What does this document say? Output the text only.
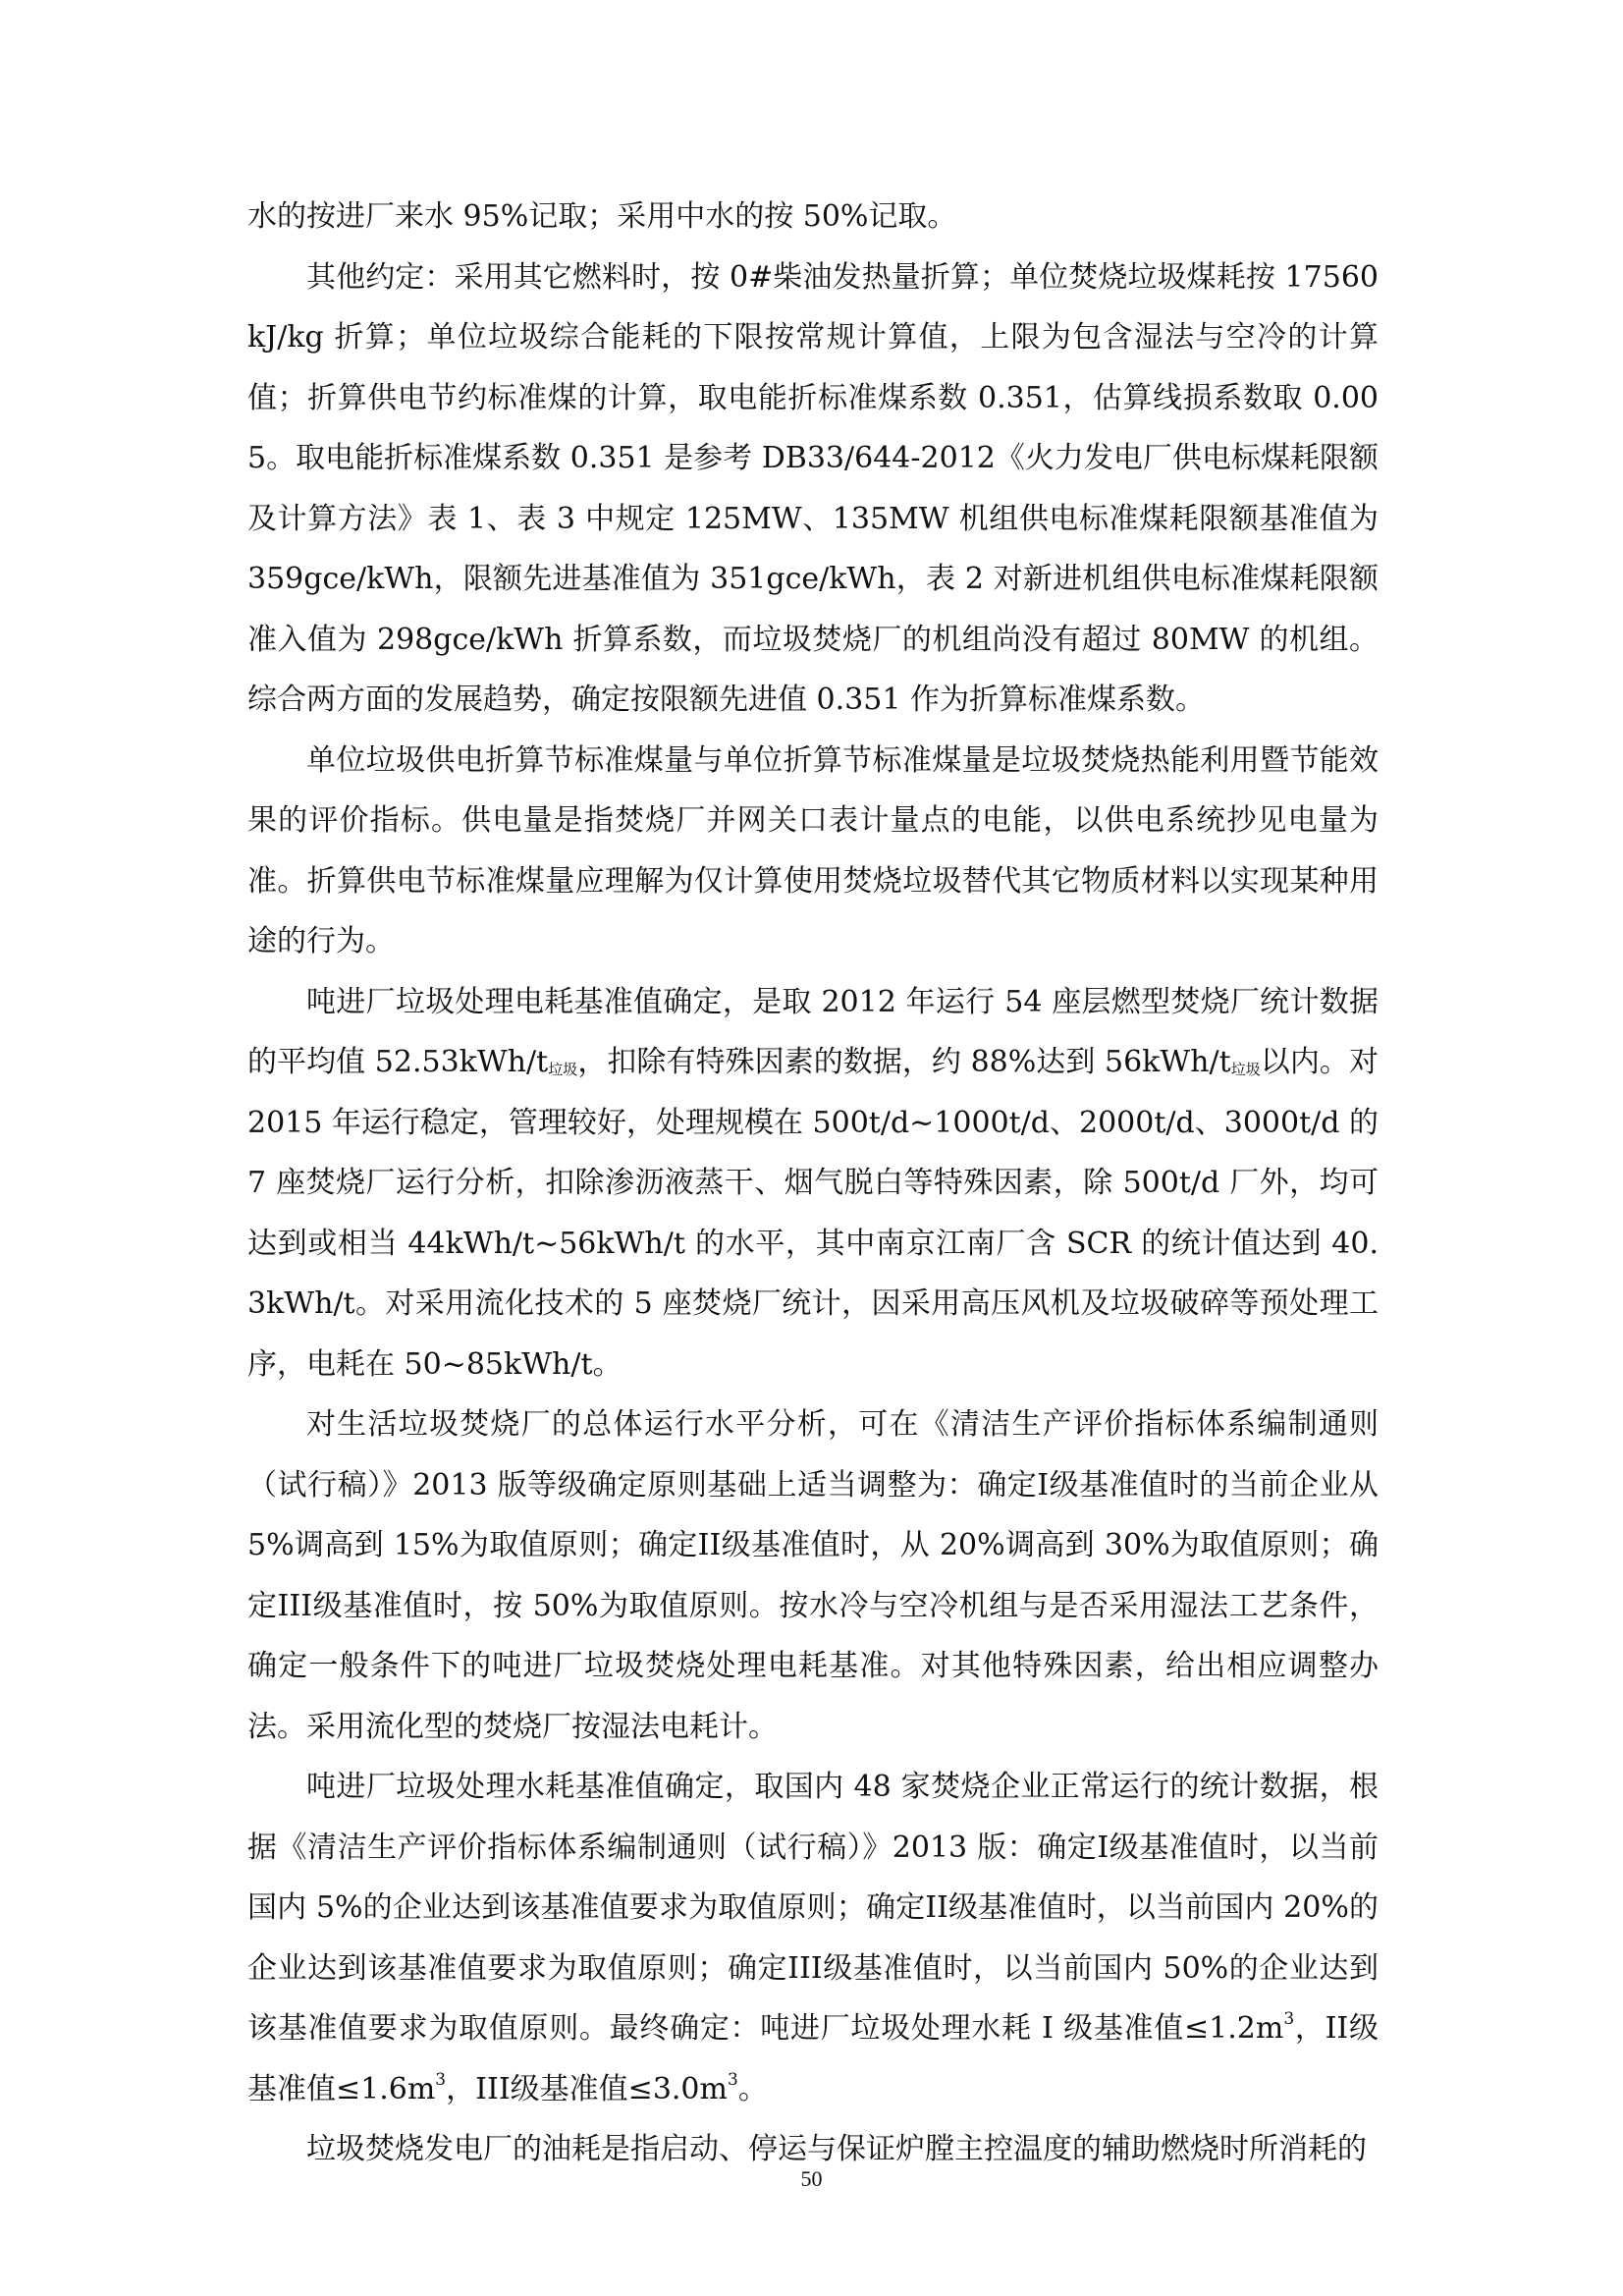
水的按进厂来水 95%记取；采用中水的按 50%记取。

其他约定：采用其它燃料时，按 0#柴油发热量折算；单位焚烧垃圾煤耗按 17560kJ/kg 折算；单位垃圾综合能耗的下限按常规计算值，上限为包含湿法与空冷的计算值；折算供电节约标准煤的计算，取电能折标准煤系数 0.351，估算线损系数取 0.005。取电能折标准煤系数 0.351 是参考 DB33/644-2012《火力发电厂供电标煤耗限额及计算方法》表 1、表 3 中规定 125MW、135MW 机组供电标准煤耗限额基准值为 359gce/kWh，限额先进基准值为 351gce/kWh，表 2 对新进机组供电标准煤耗限额准入值为 298gce/kWh 折算系数，而垃圾焚烧厂的机组尚没有超过 80MW 的机组。综合两方面的发展趋势，确定按限额先进值 0.351 作为折算标准煤系数。

单位垃圾供电折算节标准煤量与单位折算节标准煤量是垃圾焚烧热能利用暨节能效果的评价指标。供电量是指焚烧厂并网关口表计量点的电能，以供电系统抄见电量为准。折算供电节标准煤量应理解为仅计算使用焚烧垃圾替代其它物质材料以实现某种用途的行为。

吨进厂垃圾处理电耗基准值确定，是取 2012 年运行 54 座层燃型焚烧厂统计数据的平均值 $52.53kWh/t_{垃圾}$，扣除有特殊因素的数据，约 88%达到 $56kWh/t_{垃圾}$以内。对 2015 年运行稳定，管理较好，处理规模在 500t/d~1000t/d、2000t/d、3000t/d 的 7 座焚烧厂运行分析，扣除渗沥液蒸干、烟气脱白等特殊因素，除 500t/d 厂外，均可达到或相当 44kWh/t~56kWh/t 的水平，其中南京江南厂含 SCR 的统计值达到 40.3kWh/t。对采用流化技术的 5 座焚烧厂统计，因采用高压风机及垃圾破碎等预处理工序，电耗在 50~85kWh/t。

对生活垃圾焚烧厂的总体运行水平分析，可在《清洁生产评价指标体系编制通则（试行稿）》2013 版等级确定原则基础上适当调整为：确定I级基准值时的当前企业从 5%调高到 15%为取值原则；确定II级基准值时，从 20%调高到 30%为取值原则；确定III级基准值时，按 50%为取值原则。按水冷与空冷机组与是否采用湿法工艺条件，确定一般条件下的吨进厂垃圾焚烧处理电耗基准。对其他特殊因素，给出相应调整办法。采用流化型的焚烧厂按湿法电耗计。

吨进厂垃圾处理水耗基准值确定，取国内 48 家焚烧企业正常运行的统计数据，根据《清洁生产评价指标体系编制通则（试行稿）》2013 版：确定I级基准值时，以当前国内 5%的企业达到该基准值要求为取值原则；确定II级基准值时，以当前国内 20%的企业达到该基准值要求为取值原则；确定III级基准值时，以当前国内 50%的企业达到该基准值要求为取值原则。最终确定：吨进厂垃圾处理水耗 I 级基准值$\le 1.2m^3$，II级基准值$\le 1.6m^3$，III级基准值$\le 3.0m^3$。

垃圾焚烧发电厂的油耗是指启动、停运与保证炉膛主控温度的辅助燃烧时所消耗的

50
